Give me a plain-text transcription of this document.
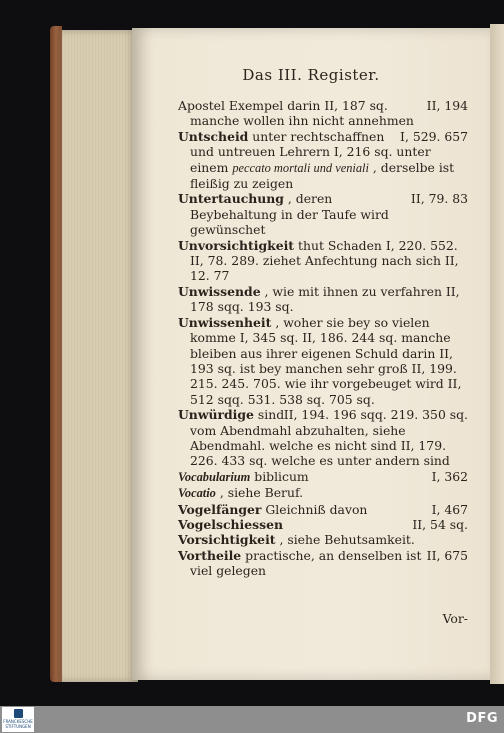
Das III. Register.

II, 194
Apostel Exempel darin II, 187 sq. manche wollen ihn nicht annehmen

I, 529. 657
Untscheid unter rechtschaffnen und untreuen Lehrern I, 216 sq. unter einem peccato mortali und veniali , derselbe ist fleißig zu zeigen

II, 79. 83
Untertauchung , deren Beybehaltung in der Taufe wird gewünschet

Unvorsichtigkeit thut Schaden I, 220. 552. II, 78. 289. ziehet Anfechtung nach sich II, 12. 77

Unwissende , wie mit ihnen zu verfahren II, 178 sqq. 193 sq.

Unwissenheit , woher sie bey so vielen komme I, 345 sq. II, 186. 244 sq. manche bleiben aus ihrer eigenen Schuld darin II, 193 sq. ist bey manchen sehr groß II, 199. 215. 245. 705. wie ihr vorgebeuget wird II, 512 sqq. 531. 538 sq. 705 sq.

II, 194. 196 sqq. 219. 350 sq.
Unwürdige sind vom Abendmahl abzuhalten, siehe Abendmahl. welche es nicht sind II, 179. 226. 433 sq. welche es unter andern sind

I, 362
Vocabularium biblicum

Vocatio , siehe Beruf.

I, 467
Vogelfänger Gleichniß davon

II, 54 sq.
Vogelschiessen

Vorsichtigkeit , siehe Behutsamkeit.

II, 675
Vortheile practische, an denselben ist viel gelegen

Vor-
FRANCKESCHE STIFTUNGEN
DFG
